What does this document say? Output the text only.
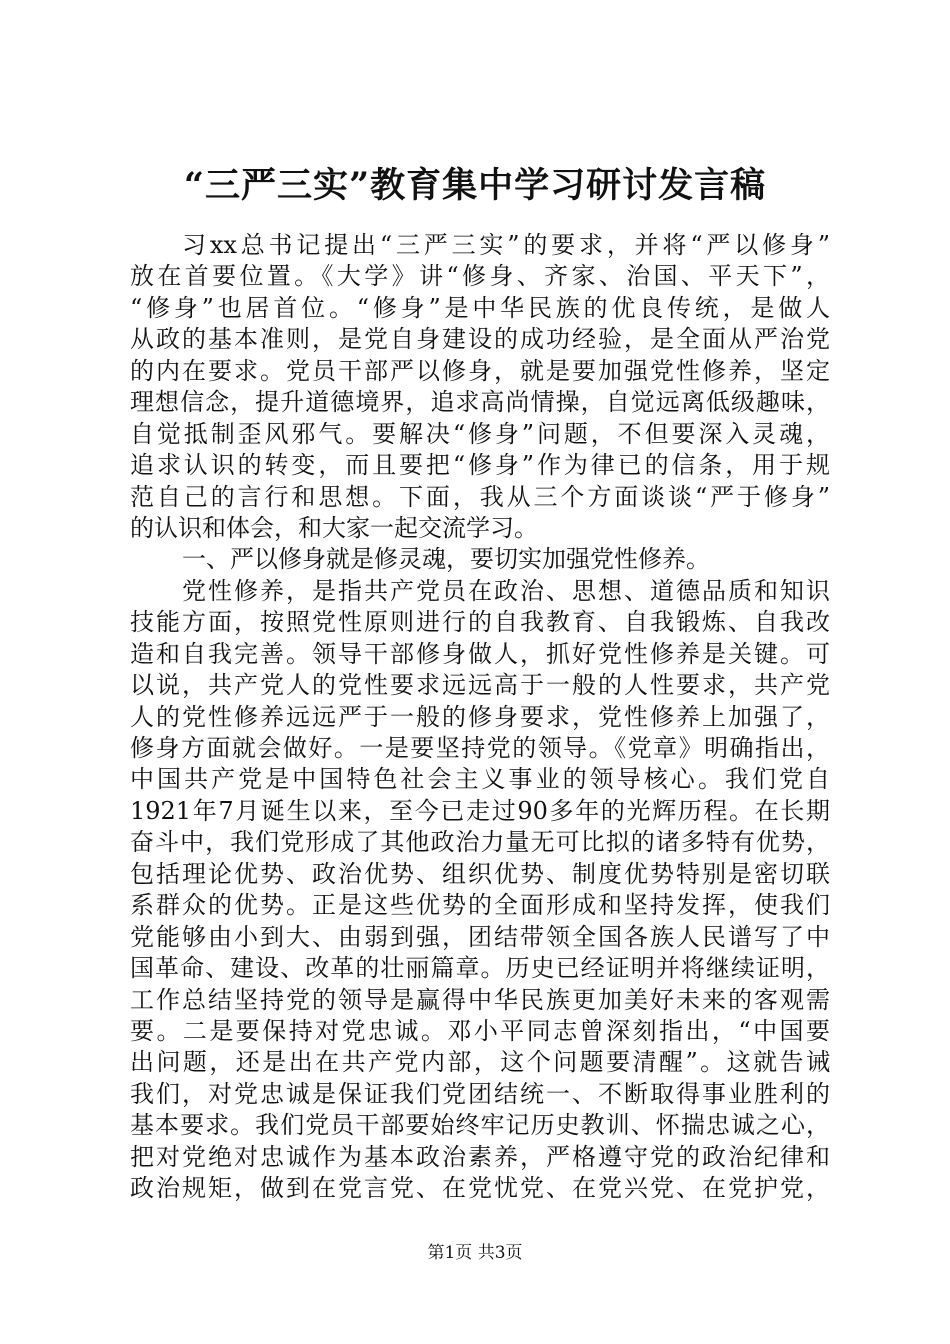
“三严三实”教育集中学习研讨发言稿
习xx总书记提出“三严三实”的要求，并将“严以修身”
放在首要位置。《大学》讲“修身、齐家、治国、平天下”，
“修身”也居首位。“修身”是中华民族的优良传统，是做人
从政的基本准则，是党自身建设的成功经验，是全面从严治党
的内在要求。党员干部严以修身，就是要加强党性修养，坚定
理想信念，提升道德境界，追求高尚情操，自觉远离低级趣味，
自觉抵制歪风邪气。要解决“修身”问题，不但要深入灵魂，
追求认识的转变，而且要把“修身”作为律已的信条，用于规
范自己的言行和思想。下面，我从三个方面谈谈“严于修身”
的认识和体会，和大家一起交流学习。
一、严以修身就是修灵魂，要切实加强党性修养。
党性修养，是指共产党员在政治、思想、道德品质和知识
技能方面，按照党性原则进行的自我教育、自我锻炼、自我改
造和自我完善。领导干部修身做人，抓好党性修养是关键。可
以说，共产党人的党性要求远远高于一般的人性要求，共产党
人的党性修养远远严于一般的修身要求，党性修养上加强了，
修身方面就会做好。一是要坚持党的领导。《党章》明确指出，
中国共产党是中国特色社会主义事业的领导核心。我们党自
1921年7月诞生以来，至今已走过90多年的光辉历程。在长期
奋斗中，我们党形成了其他政治力量无可比拟的诸多特有优势，
包括理论优势、政治优势、组织优势、制度优势特别是密切联
系群众的优势。正是这些优势的全面形成和坚持发挥，使我们
党能够由小到大、由弱到强，团结带领全国各族人民谱写了中
国革命、建设、改革的壮丽篇章。历史已经证明并将继续证明，
工作总结坚持党的领导是赢得中华民族更加美好未来的客观需
要。二是要保持对党忠诚。邓小平同志曾深刻指出，“中国要
出问题，还是出在共产党内部，这个问题要清醒”。这就告诫
我们，对党忠诚是保证我们党团结统一、不断取得事业胜利的
基本要求。我们党员干部要始终牢记历史教训、怀揣忠诚之心，
把对党绝对忠诚作为基本政治素养，严格遵守党的政治纪律和
政治规矩，做到在党言党、在党忧党、在党兴党、在党护党，
第1页 共3页
